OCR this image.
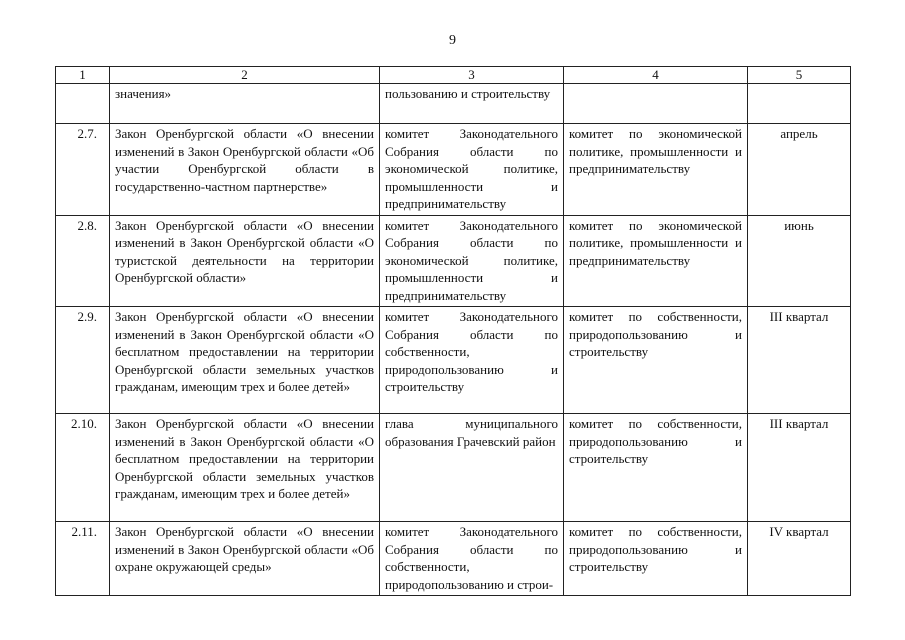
9
1	2	3	4	5
	значения»	пользованию и строительству		
2.7.	Закон Оренбургской области «О внесении изменений в Закон Оренбургской области «Об участии Оренбургской области в государственно-частном партнерстве»	комитет Законодательного Собрания области по экономической политике, промышленности и предпринимательству	комитет по экономической политике, промышленности и предпринимательству	апрель
2.8.	Закон Оренбургской области «О внесении изменений в Закон Оренбургской области «О туристской деятельности на территории Оренбургской области»	комитет Законодательного Собрания области по экономической политике, промышленности и предпринимательству	комитет по экономической политике, промышленности и предпринимательству	июнь
2.9.	Закон Оренбургской области «О внесении изменений в Закон Оренбургской области «О бесплатном предоставлении на территории Оренбургской области земельных участков гражданам, имеющим трех и более детей»	комитет Законодательного Собрания области по собственности, природопользованию и строительству	комитет по собственности, природопользованию и строительству	III квартал
2.10.	Закон Оренбургской области «О внесении изменений в Закон Оренбургской области «О бесплатном предоставлении на территории Оренбургской области земельных участков гражданам, имеющим трех и более детей»	глава муниципального образования Грачевский район	комитет по собственности, природопользованию и строительству	III квартал
2.11.	Закон Оренбургской области «О внесении изменений в Закон Оренбургской области «Об охране окружающей среды»	комитет Законодательного Собрания области по собственности, природопользованию и строи-	комитет по собственности, природопользованию и строительству	IV квартал
